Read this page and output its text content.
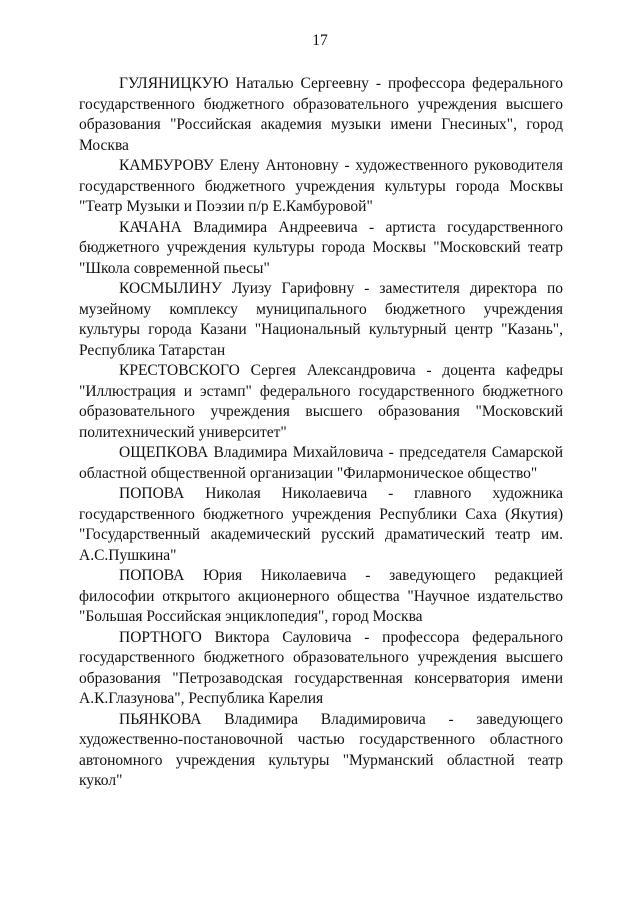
17

ГУЛЯНИЦКУЮ Наталью Сергеевну - профессора федерального государственного бюджетного образовательного учреждения высшего образования "Российская академия музыки имени Гнесиных", город Москва

КАМБУРОВУ Елену Антоновну - художественного руководителя государственного бюджетного учреждения культуры города Москвы "Театр Музыки и Поэзии п/р Е.Камбуровой"

КАЧАНА Владимира Андреевича - артиста государственного бюджетного учреждения культуры города Москвы "Московский театр "Школа современной пьесы"

КОСМЫЛИНУ Луизу Гарифовну - заместителя директора по музейному комплексу муниципального бюджетного учреждения культуры города Казани "Национальный культурный центр "Казань", Республика Татарстан

КРЕСТОВСКОГО Сергея Александровича - доцента кафедры "Иллюстрация и эстамп" федерального государственного бюджетного образовательного учреждения высшего образования "Московский политехнический университет"

ОЩЕПКОВА Владимира Михайловича - председателя Самарской областной общественной организации "Филармоническое общество"

ПОПОВА Николая Николаевича - главного художника государственного бюджетного учреждения Республики Саха (Якутия) "Государственный академический русский драматический театр им. А.С.Пушкина"

ПОПОВА Юрия Николаевича - заведующего редакцией философии открытого акционерного общества "Научное издательство "Большая Российская энциклопедия", город Москва

ПОРТНОГО Виктора Сауловича - профессора федерального государственного бюджетного образовательного учреждения высшего образования "Петрозаводская государственная консерватория имени А.К.Глазунова", Республика Карелия

ПЬЯНКОВА Владимира Владимировича - заведующего художественно-постановочной частью государственного областного автономного учреждения культуры "Мурманский областной театр кукол"
